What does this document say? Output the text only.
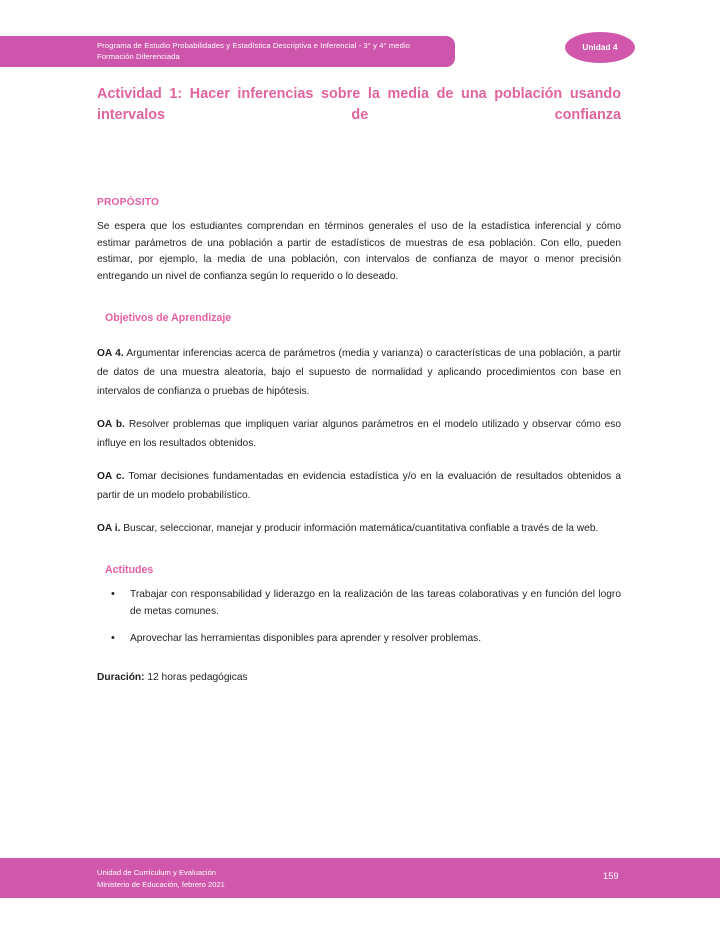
Programa de Estudio Probabilidades y Estadística Descriptiva e Inferencial - 3° y 4° medio
Formación Diferenciada
Unidad 4
Actividad 1: Hacer inferencias sobre la media de una población usando intervalos de confianza
PROPÓSITO

Se espera que los estudiantes comprendan en términos generales el uso de la estadística inferencial y cómo estimar parámetros de una población a partir de estadísticos de muestras de esa población. Con ello, pueden estimar, por ejemplo, la media de una población, con intervalos de confianza de mayor o menor precisión entregando un nivel de confianza según lo requerido o lo deseado.

Objetivos de Aprendizaje

OA 4. Argumentar inferencias acerca de parámetros (media y varianza) o características de una población, a partir de datos de una muestra aleatoria, bajo el supuesto de normalidad y aplicando procedimientos con base en intervalos de confianza o pruebas de hipótesis.

OA b. Resolver problemas que impliquen variar algunos parámetros en el modelo utilizado y observar cómo eso influye en los resultados obtenidos.

OA c. Tomar decisiones fundamentadas en evidencia estadística y/o en la evaluación de resultados obtenidos a partir de un modelo probabilístico.

OA i. Buscar, seleccionar, manejar y producir información matemática/cuantitativa confiable a través de la web.

Actitudes
• Trabajar con responsabilidad y liderazgo en la realización de las tareas colaborativas y en función del logro de metas comunes.
• Aprovechar las herramientas disponibles para aprender y resolver problemas.

Duración: 12 horas pedagógicas

Unidad de Currículum y Evaluación
Ministerio de Educación, febrero 2021
159
